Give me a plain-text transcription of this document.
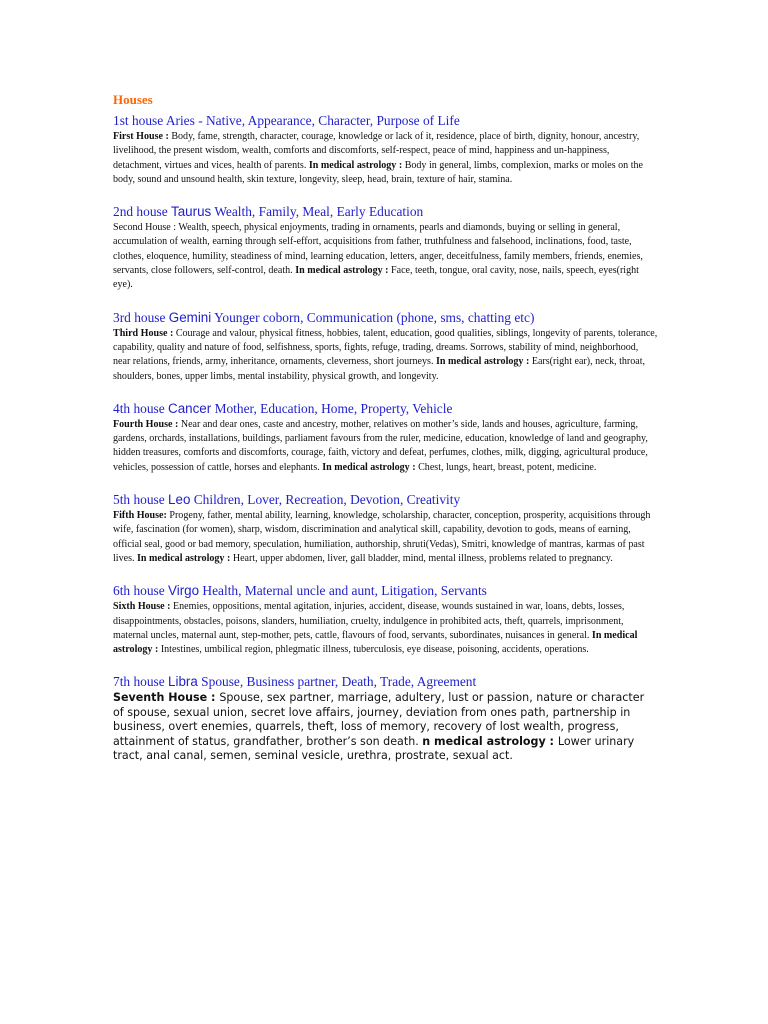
Houses
1st house Aries - Native, Appearance, Character, Purpose of Life

First House : Body, fame, strength, character, courage, knowledge or lack of it, residence, place of birth, dignity, honour, ancestry, livelihood, the present wisdom, wealth, comforts and discomforts, self-respect, peace of mind, happiness and un-happiness, detachment, virtues and vices, health of parents. In medical astrology : Body in general, limbs, complexion, marks or moles on the body, sound and unsound health, skin texture, longevity, sleep, head, brain, texture of hair, stamina.

2nd house Taurus Wealth, Family, Meal, Early Education

Second House : Wealth, speech, physical enjoyments, trading in ornaments, pearls and diamonds, buying or selling in general, accumulation of wealth, earning through self-effort, acquisitions from father, truthfulness and falsehood, inclinations, food, taste, clothes, eloquence, humility, steadiness of mind, learning education, letters, anger, deceitfulness, family members, friends, enemies, servants, close followers, self-control, death. In medical astrology : Face, teeth, tongue, oral cavity, nose, nails, speech, eyes(right eye).

3rd house Gemini Younger coborn, Communication (phone, sms, chatting etc)

Third House : Courage and valour, physical fitness, hobbies, talent, education, good qualities, siblings, longevity of parents, tolerance, capability, quality and nature of food, selfishness, sports, fights, refuge, trading, dreams. Sorrows, stability of mind, neighborhood, near relations, friends, army, inheritance, ornaments, cleverness, short journeys. In medical astrology : Ears(right ear), neck, throat, shoulders, bones, upper limbs, mental instability, physical growth, and longevity.

4th house Cancer Mother, Education, Home, Property, Vehicle

Fourth House : Near and dear ones, caste and ancestry, mother, relatives on mother’s side, lands and houses, agriculture, farming, gardens, orchards, installations, buildings, parliament favours from the ruler, medicine, education, knowledge of land and geography, hidden treasures, comforts and discomforts, courage, faith, victory and defeat, perfumes, clothes, milk, digging, agricultural produce, vehicles, possession of cattle, horses and elephants. In medical astrology : Chest, lungs, heart, breast, potent, medicine.

5th house Leo Children, Lover, Recreation, Devotion, Creativity

Fifth House: Progeny, father, mental ability, learning, knowledge, scholarship, character, conception, prosperity, acquisitions through wife, fascination (for women), sharp, wisdom, discrimination and analytical skill, capability, devotion to gods, means of earning, official seal, good or bad memory, speculation, humiliation, authorship, shruti(Vedas), Smitri, knowledge of mantras, karmas of past lives. In medical astrology : Heart, upper abdomen, liver, gall bladder, mind, mental illness, problems related to pregnancy.

6th house Virgo Health, Maternal uncle and aunt, Litigation, Servants

Sixth House : Enemies, oppositions, mental agitation, injuries, accident, disease, wounds sustained in war, loans, debts, losses, disappointments, obstacles, poisons, slanders, humiliation, cruelty, indulgence in prohibited acts, theft, quarrels, imprisonment, maternal uncles, maternal aunt, step-mother, pets, cattle, flavours of food, servants, subordinates, nuisances in general. In medical astrology : Intestines, umbilical region, phlegmatic illness, tuberculosis, eye disease, poisoning, accidents, operations.

7th house Libra Spouse, Business partner, Death, Trade, Agreement

Seventh House : Spouse, sex partner, marriage, adultery, lust or passion, nature or character of spouse, sexual union, secret love affairs, journey, deviation from ones path, partnership in business, overt enemies, quarrels, theft, loss of memory, recovery of lost wealth, progress, attainment of status, grandfather, brother’s son death. n medical astrology : Lower urinary tract, anal canal, semen, seminal vesicle, urethra, prostrate, sexual act.
